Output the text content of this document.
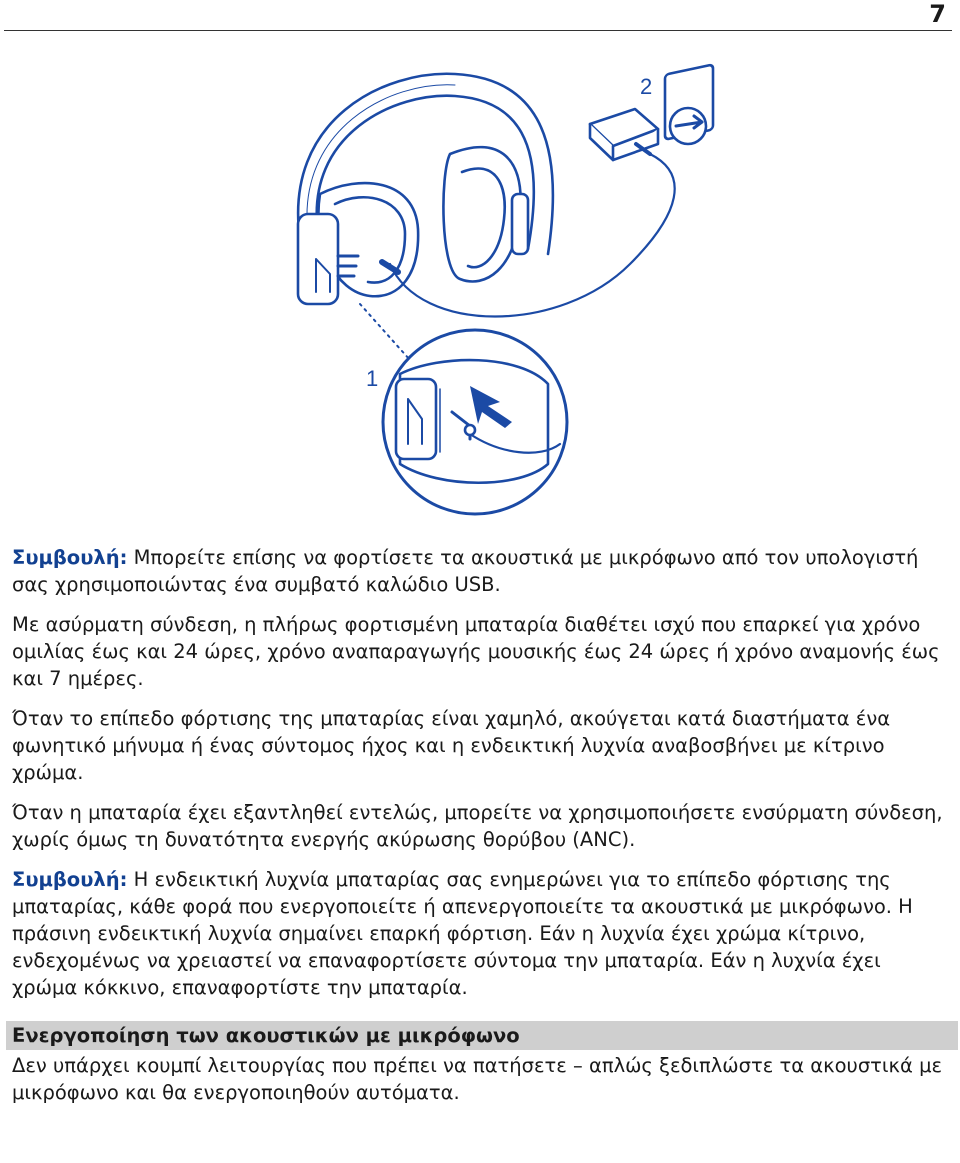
7
2
1

Συμβουλή: Μπορείτε επίσης να φορτίσετε τα ακουστικά με μικρόφωνο από τον υπολογιστή σας χρησιμοποιώντας ένα συμβατό καλώδιο USB.

Με ασύρματη σύνδεση, η πλήρως φορτισμένη μπαταρία διαθέτει ισχύ που επαρκεί για χρόνο ομιλίας έως και 24 ώρες, χρόνο αναπαραγωγής μουσικής έως 24 ώρες ή χρόνο αναμονής έως και 7 ημέρες.

Όταν το επίπεδο φόρτισης της μπαταρίας είναι χαμηλό, ακούγεται κατά διαστήματα ένα φωνητικό μήνυμα ή ένας σύντομος ήχος και η ενδεικτική λυχνία αναβοσβήνει με κίτρινο χρώμα.

Όταν η μπαταρία έχει εξαντληθεί εντελώς, μπορείτε να χρησιμοποιήσετε ενσύρματη σύνδεση, χωρίς όμως τη δυνατότητα ενεργής ακύρωσης θορύβου (ANC).

Συμβουλή: Η ενδεικτική λυχνία μπαταρίας σας ενημερώνει για το επίπεδο φόρτισης της μπαταρίας, κάθε φορά που ενεργοποιείτε ή απενεργοποιείτε τα ακουστικά με μικρόφωνο. Η πράσινη ενδεικτική λυχνία σημαίνει επαρκή φόρτιση. Εάν η λυχνία έχει χρώμα κίτρινο, ενδεχομένως να χρειαστεί να επαναφορτίσετε σύντομα την μπαταρία. Εάν η λυχνία έχει χρώμα κόκκινο, επαναφορτίστε την μπαταρία.

Ενεργοποίηση των ακουστικών με μικρόφωνο

Δεν υπάρχει κουμπί λειτουργίας που πρέπει να πατήσετε – απλώς ξεδιπλώστε τα ακουστικά με μικρόφωνο και θα ενεργοποιηθούν αυτόματα.
